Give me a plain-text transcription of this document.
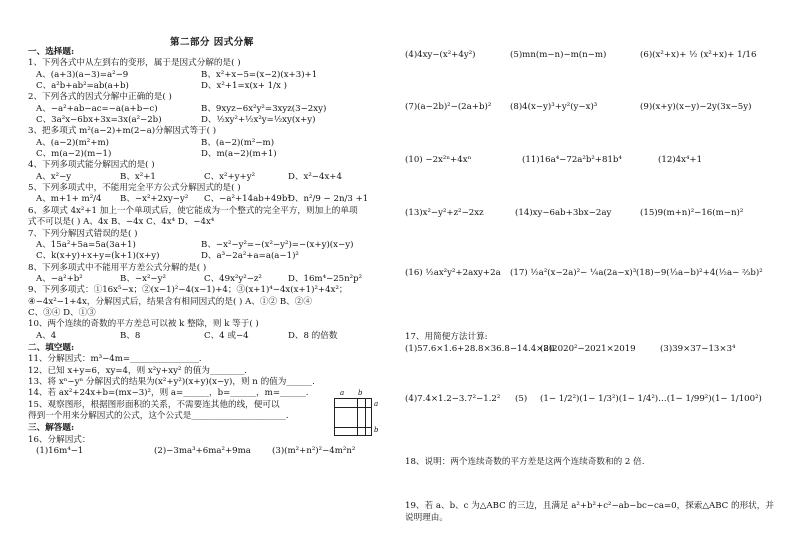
第二部分 因式分解
一、选择题:
1、下列各式中从左到右的变形，属于是因式分解的是( )
A、(a+3)(a−3)=a²−9	B、x²+x−5=(x−2)(x+3)+1
C、a²b+ab²=ab(a+b)	D、x²+1=x(x+ 1/x )
2、下列各式的因式分解中正确的是( )
A、−a²+ab−ac=−a(a+b−c)	B、9xyz−6x²y²=3xyz(3−2xy)
C、3a²x−6bx+3x=3x(a²−2b)	D、½xy²+½x²y=½xy(x+y)
3、把多项式 m²(a−2)+m(2−a)分解因式等于( )
A、(a−2)(m²+m)	B、(a−2)(m²−m)
C、m(a−2)(m−1)	D、m(a−2)(m+1)
4、下列多项式能分解因式的是( )
A、x²−y	B、x²+1	C、x²+y+y²	D、x²−4x+4
5、下列多项式中，不能用完全平方公式分解因式的是( )
A、m+1+ m²/4 B、−x²+2xy−y² C、−a²+14ab+49b²D、n²/9 − 2n/3 +1
6、多项式 4x²+1 加上一个单项式后，使它能成为一个整式的完全平方，则加上的单项
式不可以是( ) A、4x B、−4x C、4x⁴ D、−4x⁴
7、下列分解因式错误的是( )
A、15a²+5a=5a(3a+1)	B、−x²−y²=−(x²−y²)=−(x+y)(x−y)
C、k(x+y)+x+y=(k+1)(x+y)	D、a³−2a²+a=a(a−1)²
8、下列多项式中不能用平方差公式分解的是( )
A、−a²+b²	B、−x²−y²	C、49x²y²−z²	D、16m⁴−25n²p²
9、下列多项式：①16x⁵−x；②(x−1)²−4(x−1)+4；③(x+1)⁴−4x(x+1)²+4x²；
④−4x²−1+4x，分解因式后，结果含有相同因式的是( ) A、①② B、②④
C、③④ D、①③
10、两个连续的奇数的平方差总可以被 k 整除，则 k 等于( )
A、4	B、8	C、4 或−4	D、8 的倍数
二、填空题:
11、分解因式：m³−4m=________________.
12、已知 x+y=6，xy=4，则 x²y+xy² 的值为________.
13、将 xⁿ−yⁿ 分解因式的结果为(x²+y²)(x+y)(x−y)，则 n 的值为______.
14、若 ax²+24x+b=(mx−3)²，则 a=______，b=______，m=______.
15、观察图形，根据图形面积的关系，不需要连其他的线，便可以
得到一个用来分解因式的公式，这个公式是______________________.
三、解答题:
16、分解因式：
(1)16m⁴−1	(2)−3ma³+6ma²+9ma (3)(m²+n²)²−4m²n²
a b
a
b
(4)4xy−(x²+4y²)	(5)mn(m−n)−m(n−m)	(6)(x²+x)+ ½ (x²+x)+ 1/16
(7)(a−2b)²−(2a+b)² (8)4(x−y)³+y²(y−x)³	(9)(x+y)(x−y)−2y(3x−5y)
(10) −2x²ⁿ+4xⁿ	(11)16a⁴−72a²b²+81b⁴	(12)4x⁴+1
(13)x²−y²+z²−2xz	(14)xy−6ab+3bx−2ay	(15)9(m+n)²−16(m−n)²
(16) ½ax²y²+2axy+2a (17) ½a²(x−2a)²− ¼a(2a−x)³ (18)−9(⅓a−b)²+4(½a− ⅔b)²
17、用简便方法计算:
(1)57.6×1.6+28.8×36.8−14.4×80
(2)2020²−2021×2019	(3)39×37−13×3⁴
(4)7.4×1.2−3.7²−1.2² (5) (1− 1/2²)(1− 1/3²)(1− 1/4²)…(1− 1/99²)(1− 1/100²)
18、说明：两个连续奇数的平方差是这两个连续奇数和的 2 倍.
19、若 a、b、c 为△ABC 的三边，且满足 a²+b²+c²−ab−bc−ca=0，探索△ABC 的形状，并说明理由。
